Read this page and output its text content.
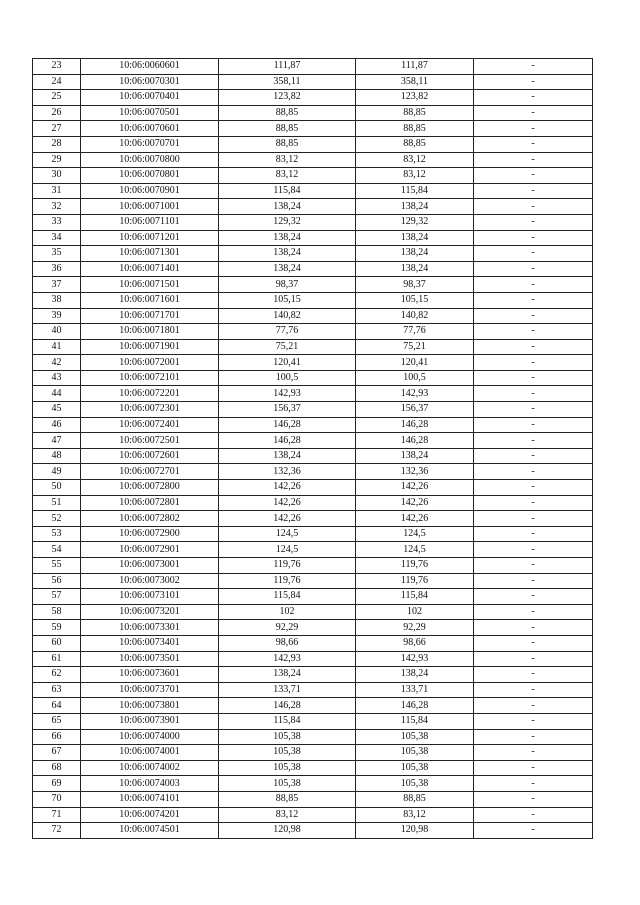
23	10:06:0060601	111,87	111,87	-
24	10:06:0070301	358,11	358,11	-
25	10:06:0070401	123,82	123,82	-
26	10:06:0070501	88,85	88,85	-
27	10:06:0070601	88,85	88,85	-
28	10:06:0070701	88,85	88,85	-
29	10:06:0070800	83,12	83,12	-
30	10:06:0070801	83,12	83,12	-
31	10:06:0070901	115,84	115,84	-
32	10:06:0071001	138,24	138,24	-
33	10:06:0071101	129,32	129,32	-
34	10:06:0071201	138,24	138,24	-
35	10:06:0071301	138,24	138,24	-
36	10:06:0071401	138,24	138,24	-
37	10:06:0071501	98,37	98,37	-
38	10:06:0071601	105,15	105,15	-
39	10:06:0071701	140,82	140,82	-
40	10:06:0071801	77,76	77,76	-
41	10:06:0071901	75,21	75,21	-
42	10:06:0072001	120,41	120,41	-
43	10:06:0072101	100,5	100,5	-
44	10:06:0072201	142,93	142,93	-
45	10:06:0072301	156,37	156,37	-
46	10:06:0072401	146,28	146,28	-
47	10:06:0072501	146,28	146,28	-
48	10:06:0072601	138,24	138,24	-
49	10:06:0072701	132,36	132,36	-
50	10:06:0072800	142,26	142,26	-
51	10:06:0072801	142,26	142,26	-
52	10:06:0072802	142,26	142,26	-
53	10:06:0072900	124,5	124,5	-
54	10:06:0072901	124,5	124,5	-
55	10:06:0073001	119,76	119,76	-
56	10:06:0073002	119,76	119,76	-
57	10:06:0073101	115,84	115,84	-
58	10:06:0073201	102	102	-
59	10:06:0073301	92,29	92,29	-
60	10:06:0073401	98,66	98,66	-
61	10:06:0073501	142,93	142,93	-
62	10:06:0073601	138,24	138,24	-
63	10:06:0073701	133,71	133,71	-
64	10:06:0073801	146,28	146,28	-
65	10:06:0073901	115,84	115,84	-
66	10:06:0074000	105,38	105,38	-
67	10:06:0074001	105,38	105,38	-
68	10:06:0074002	105,38	105,38	-
69	10:06:0074003	105,38	105,38	-
70	10:06:0074101	88,85	88,85	-
71	10:06:0074201	83,12	83,12	-
72	10:06:0074501	120,98	120,98	-
